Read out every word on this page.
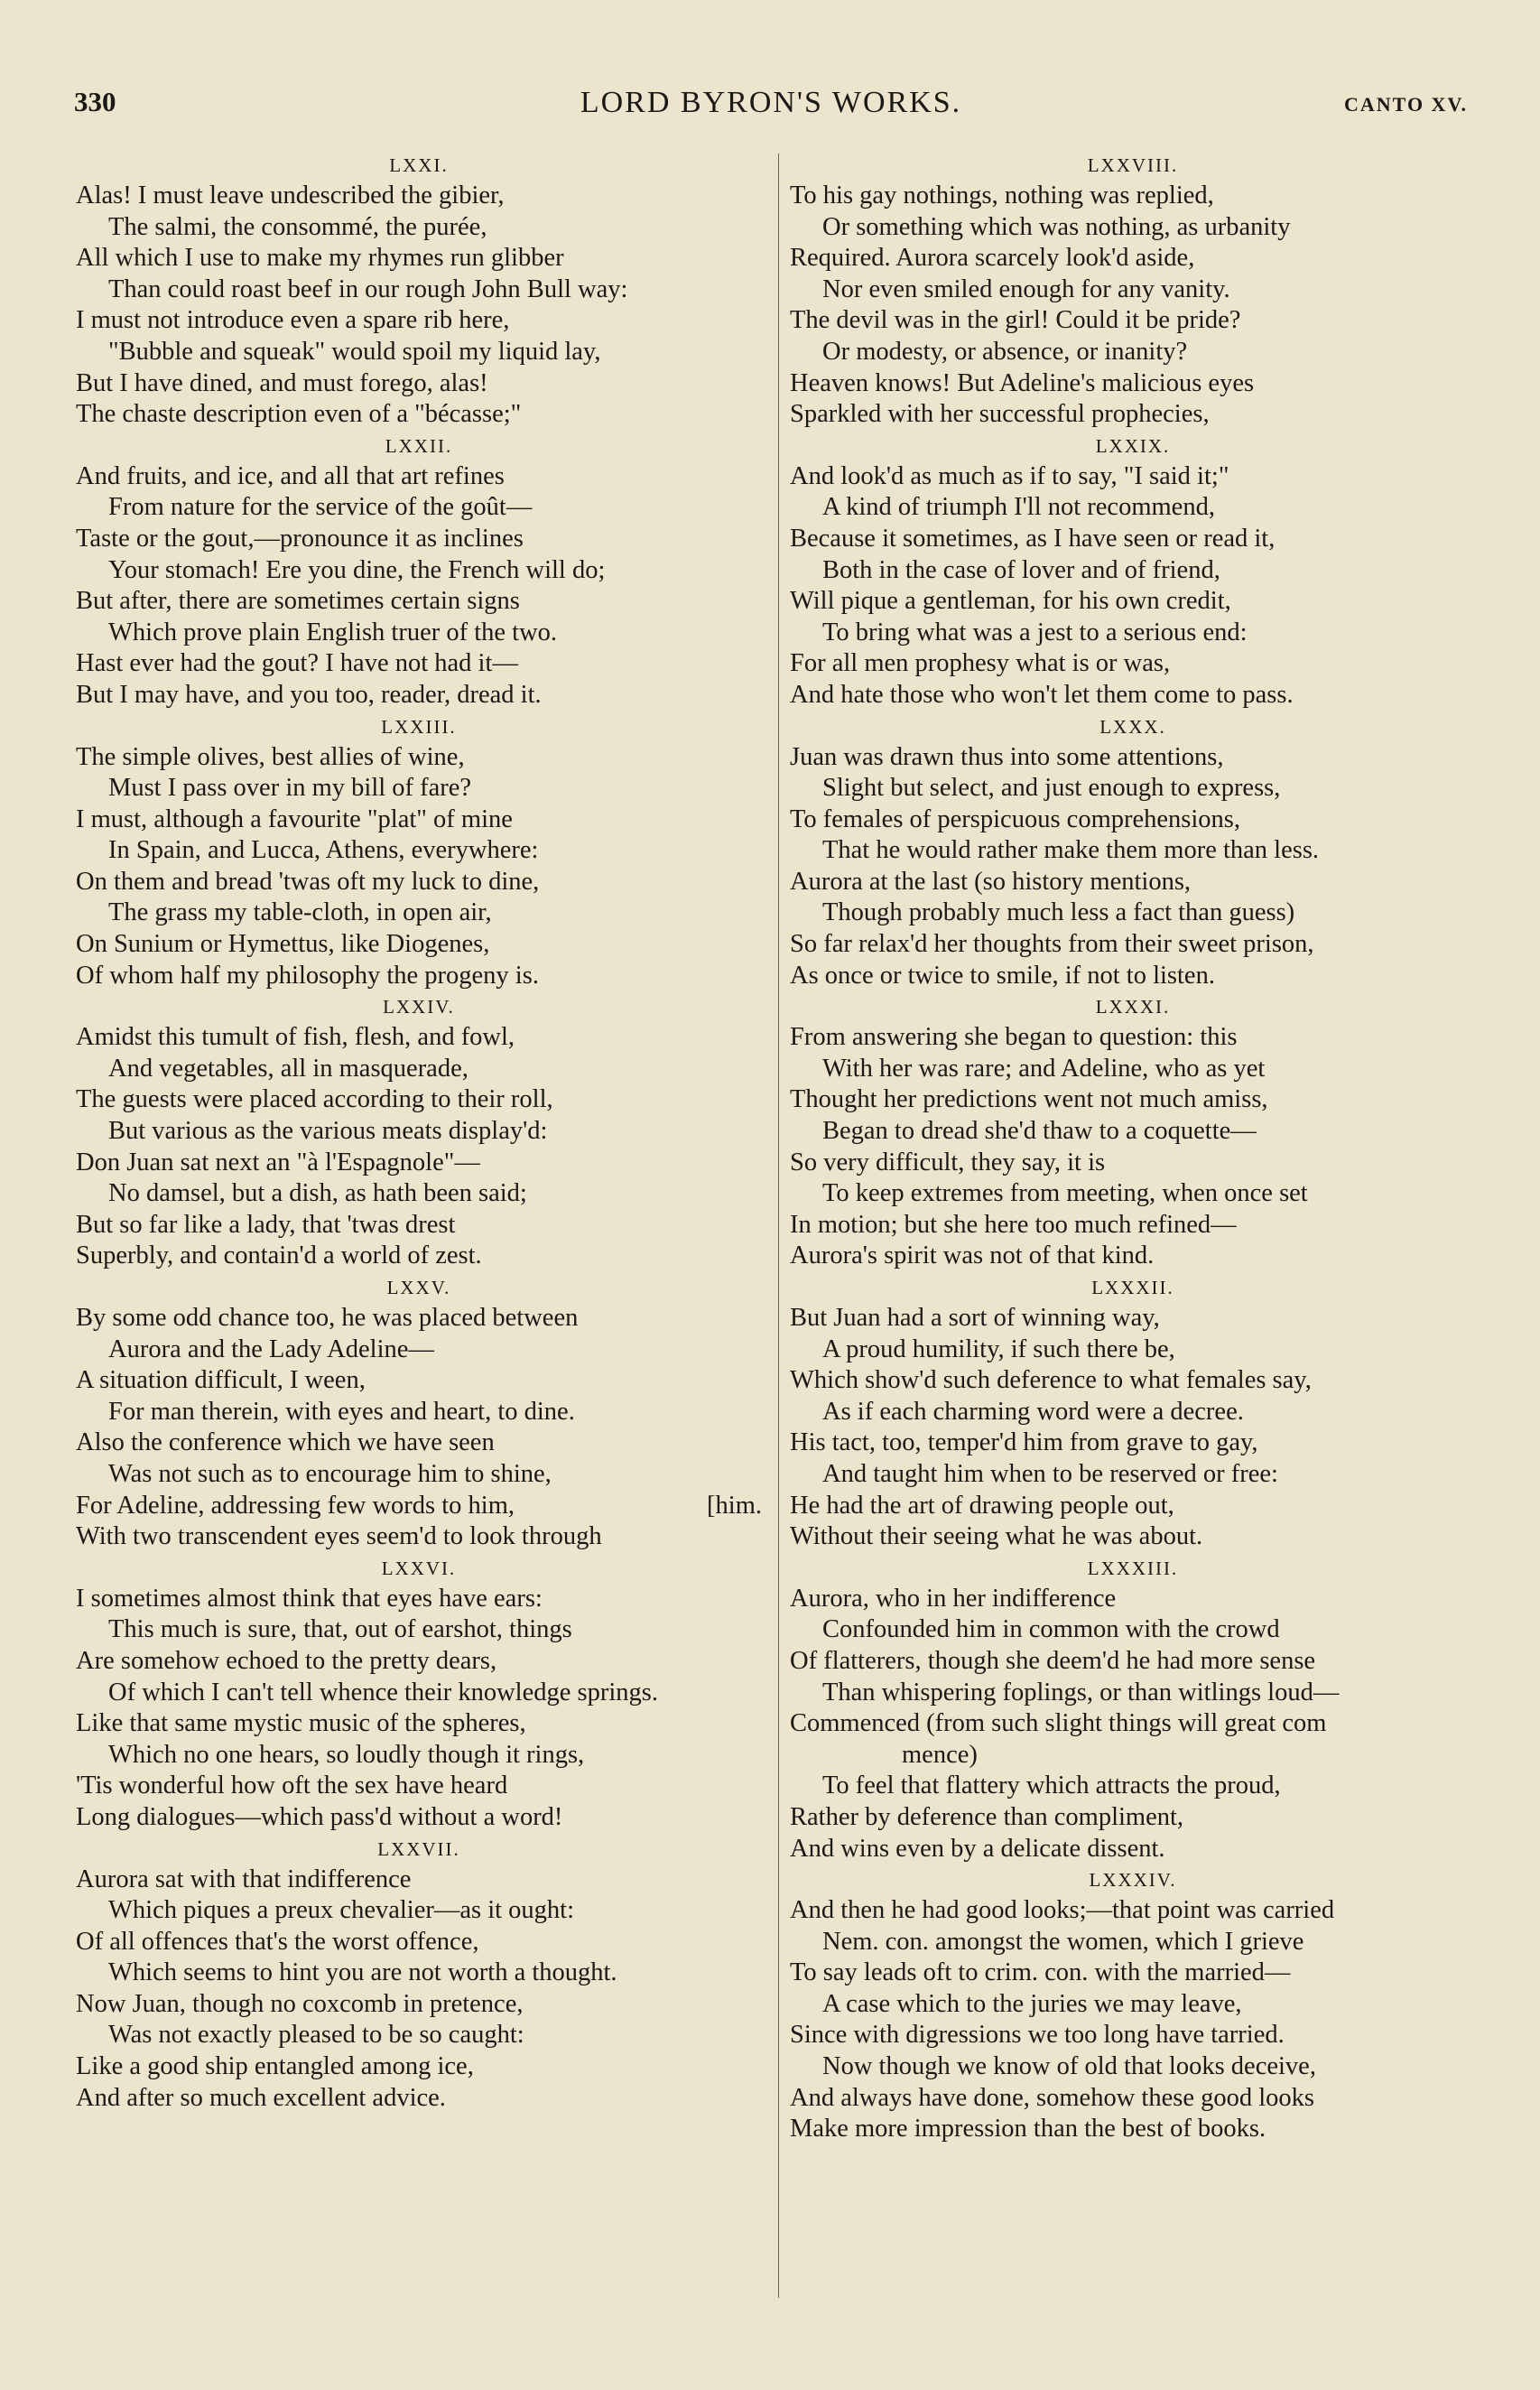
330	LORD BYRON'S WORKS.	CANTO XV.
LXXI.
Alas! I must leave undescribed the gibier,
The salmi, the consommé, the purée,
All which I use to make my rhymes run glibber
Than could roast beef in our rough John Bull way:
I must not introduce even a spare rib here,
"Bubble and squeak" would spoil my liquid lay,
But I have dined, and must forego, alas!
The chaste description even of a "bécasse;"
LXXII.
And fruits, and ice, and all that art refines
From nature for the service of the goût—
Taste or the gout,—pronounce it as inclines
Your stomach! Ere you dine, the French will do;
But after, there are sometimes certain signs
Which prove plain English truer of the two.
Hast ever had the gout? I have not had it—
But I may have, and you too, reader, dread it.
LXXIII.
The simple olives, best allies of wine,
Must I pass over in my bill of fare?
I must, although a favourite "plat" of mine
In Spain, and Lucca, Athens, everywhere:
On them and bread 'twas oft my luck to dine,
The grass my table-cloth, in open air,
On Sunium or Hymettus, like Diogenes,
Of whom half my philosophy the progeny is.
LXXIV.
Amidst this tumult of fish, flesh, and fowl,
And vegetables, all in masquerade,
The guests were placed according to their roll,
But various as the various meats display'd:
Don Juan sat next an "à l'Espagnole"—
No damsel, but a dish, as hath been said;
But so far like a lady, that 'twas drest
Superbly, and contain'd a world of zest.
LXXV.
By some odd chance too, he was placed between
Aurora and the Lady Adeline—
A situation difficult, I ween,
For man therein, with eyes and heart, to dine.
Also the conference which we have seen
Was not such as to encourage him to shine,
For Adeline, addressing few words to him,	[him.
With two transcendent eyes seem'd to look through
LXXVI.
I sometimes almost think that eyes have ears:
This much is sure, that, out of earshot, things
Are somehow echoed to the pretty dears,
Of which I can't tell whence their knowledge springs.
Like that same mystic music of the spheres,
Which no one hears, so loudly though it rings,
'Tis wonderful how oft the sex have heard
Long dialogues—which pass'd without a word!
LXXVII.
Aurora sat with that indifference
Which piques a preux chevalier—as it ought:
Of all offences that's the worst offence,
Which seems to hint you are not worth a thought.
Now Juan, though no coxcomb in pretence,
Was not exactly pleased to be so caught:
Like a good ship entangled among ice,
And after so much excellent advice.
LXXVIII.
To his gay nothings, nothing was replied,
Or something which was nothing, as urbanity
Required. Aurora scarcely look'd aside,
Nor even smiled enough for any vanity.
The devil was in the girl! Could it be pride?
Or modesty, or absence, or inanity?
Heaven knows! But Adeline's malicious eyes
Sparkled with her successful prophecies,
LXXIX.
And look'd as much as if to say, "I said it;"
A kind of triumph I'll not recommend,
Because it sometimes, as I have seen or read it,
Both in the case of lover and of friend,
Will pique a gentleman, for his own credit,
To bring what was a jest to a serious end:
For all men prophesy what is or was,
And hate those who won't let them come to pass.
LXXX.
Juan was drawn thus into some attentions,
Slight but select, and just enough to express,
To females of perspicuous comprehensions,
That he would rather make them more than less.
Aurora at the last (so history mentions,
Though probably much less a fact than guess)
So far relax'd her thoughts from their sweet prison,
As once or twice to smile, if not to listen.
LXXXI.
From answering she began to question: this
With her was rare; and Adeline, who as yet
Thought her predictions went not much amiss,
Began to dread she'd thaw to a coquette—
So very difficult, they say, it is
To keep extremes from meeting, when once set
In motion; but she here too much refined—
Aurora's spirit was not of that kind.
LXXXII.
But Juan had a sort of winning way,
A proud humility, if such there be,
Which show'd such deference to what females say,
As if each charming word were a decree.
His tact, too, temper'd him from grave to gay,
And taught him when to be reserved or free:
He had the art of drawing people out,
Without their seeing what he was about.
LXXXIII.
Aurora, who in her indifference
Confounded him in common with the crowd
Of flatterers, though she deem'd he had more sense
Than whispering foplings, or than witlings loud—
Commenced (from such slight things will great com
mence)
To feel that flattery which attracts the proud,
Rather by deference than compliment,
And wins even by a delicate dissent.
LXXXIV.
And then he had good looks;—that point was carried
Nem. con. amongst the women, which I grieve
To say leads oft to crim. con. with the married—
A case which to the juries we may leave,
Since with digressions we too long have tarried.
Now though we know of old that looks deceive,
And always have done, somehow these good looks
Make more impression than the best of books.
